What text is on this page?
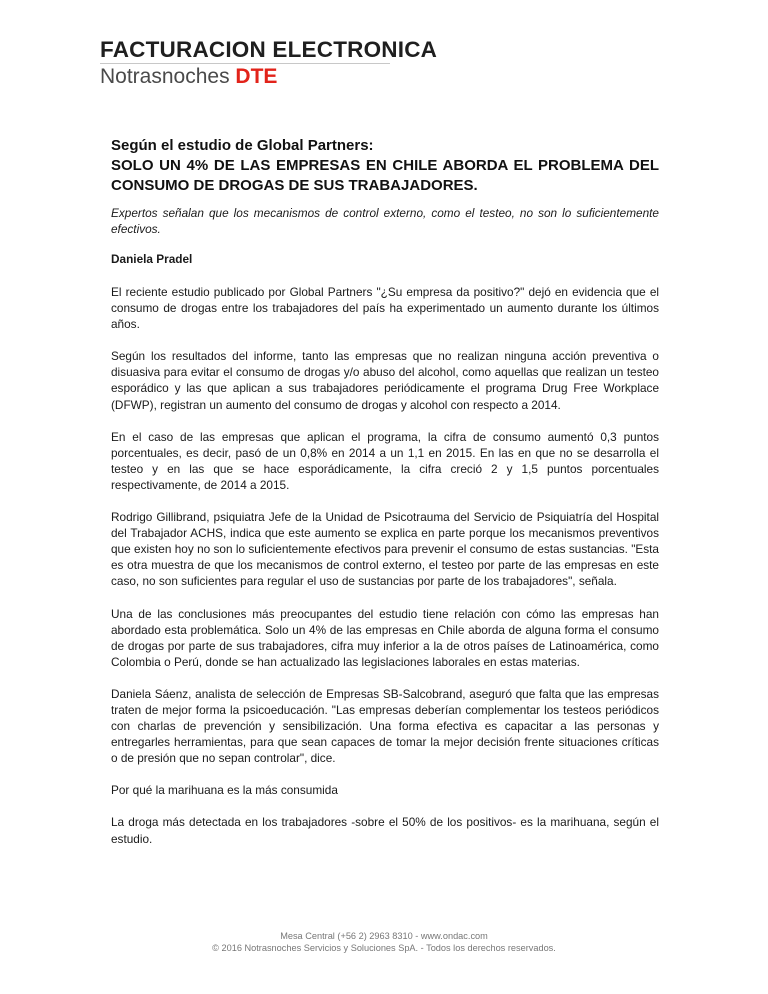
FACTURACION ELECTRONICA
Notrasnoches DTE
Según el estudio de Global Partners:
SOLO UN 4% DE LAS EMPRESAS EN CHILE ABORDA EL PROBLEMA DEL CONSUMO DE DROGAS DE SUS TRABAJADORES.

Expertos señalan que los mecanismos de control externo, como el testeo, no son lo suficientemente efectivos.

Daniela Pradel

El reciente estudio publicado por Global Partners "¿Su empresa da positivo?" dejó en evidencia que el consumo de drogas entre los trabajadores del país ha experimentado un aumento durante los últimos años.

Según los resultados del informe, tanto las empresas que no realizan ninguna acción preventiva o disuasiva para evitar el consumo de drogas y/o abuso del alcohol, como aquellas que realizan un testeo esporádico y las que aplican a sus trabajadores periódicamente el programa Drug Free Workplace (DFWP), registran un aumento del consumo de drogas y alcohol con respecto a 2014.

En el caso de las empresas que aplican el programa, la cifra de consumo aumentó 0,3 puntos porcentuales, es decir, pasó de un 0,8% en 2014 a un 1,1 en 2015. En las en que no se desarrolla el testeo y en las que se hace esporádicamente, la cifra creció 2 y 1,5 puntos porcentuales respectivamente, de 2014 a 2015.

Rodrigo Gillibrand, psiquiatra Jefe de la Unidad de Psicotrauma del Servicio de Psiquiatría del Hospital del Trabajador ACHS, indica que este aumento se explica en parte porque los mecanismos preventivos que existen hoy no son lo suficientemente efectivos para prevenir el consumo de estas sustancias. "Esta es otra muestra de que los mecanismos de control externo, el testeo por parte de las empresas en este caso, no son suficientes para regular el uso de sustancias por parte de los trabajadores", señala.

Una de las conclusiones más preocupantes del estudio tiene relación con cómo las empresas han abordado esta problemática. Solo un 4% de las empresas en Chile aborda de alguna forma el consumo de drogas por parte de sus trabajadores, cifra muy inferior a la de otros países de Latinoamérica, como Colombia o Perú, donde se han actualizado las legislaciones laborales en estas materias.

Daniela Sáenz, analista de selección de Empresas SB-Salcobrand, aseguró que falta que las empresas traten de mejor forma la psicoeducación. "Las empresas deberían complementar los testeos periódicos con charlas de prevención y sensibilización. Una forma efectiva es capacitar a las personas y entregarles herramientas, para que sean capaces de tomar la mejor decisión frente situaciones críticas o de presión que no sepan controlar", dice.

Por qué la marihuana es la más consumida

La droga más detectada en los trabajadores -sobre el 50% de los positivos- es la marihuana, según el estudio.

Mesa Central (+56 2) 2963 8310 - www.ondac.com
© 2016 Notrasnoches Servicios y Soluciones SpA. - Todos los derechos reservados.
